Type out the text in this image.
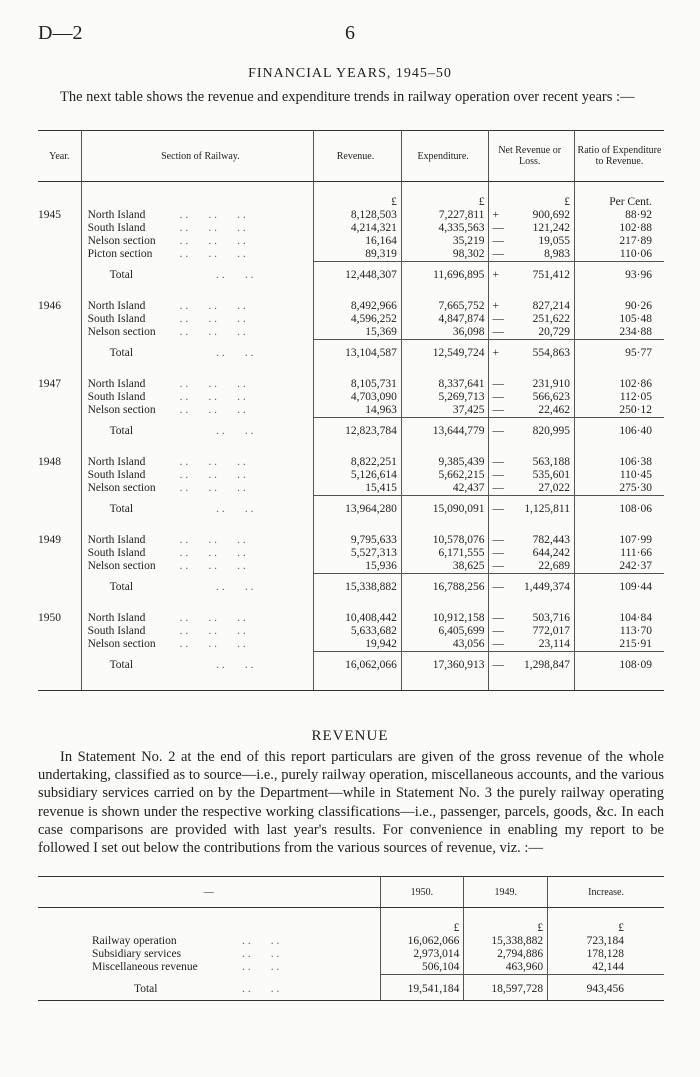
D—2	6
FINANCIAL YEARS, 1945–50
The next table shows the revenue and expenditure trends in railway operation over recent years :—
Year.	Section of Railway.	Revenue.	Expenditure.	Net Revenue or Loss.	Ratio of Expenditure to Revenue.
		£	£	£	Per Cent.
1945	North Island . . . . . .	8,128,503	7,227,811	+ 900,692	88·92
	South Island . . . . . .	4,214,321	4,335,563	— 121,242	102·88
	Nelson section . . . . . .	16,164	35,219	— 19,055	217·89
	Picton section . . . . . .	89,319	98,302	— 8,983	110·06
	Total . . . .	12,448,307	11,696,895	+ 751,412	93·96
1946	North Island . . . . . .	8,492,966	7,665,752	+ 827,214	90·26
	South Island . . . . . .	4,596,252	4,847,874	— 251,622	105·48
	Nelson section . . . . . .	15,369	36,098	— 20,729	234·88
	Total . . . .	13,104,587	12,549,724	+ 554,863	95·77
1947	North Island . . . . . .	8,105,731	8,337,641	— 231,910	102·86
	South Island . . . . . .	4,703,090	5,269,713	— 566,623	112·05
	Nelson section . . . . . .	14,963	37,425	— 22,462	250·12
	Total . . . .	12,823,784	13,644,779	— 820,995	106·40
1948	North Island . . . . . .	8,822,251	9,385,439	— 563,188	106·38
	South Island . . . . . .	5,126,614	5,662,215	— 535,601	110·45
	Nelson section . . . . . .	15,415	42,437	— 27,022	275·30
	Total . . . .	13,964,280	15,090,091	— 1,125,811	108·06
1949	North Island . . . . . .	9,795,633	10,578,076	— 782,443	107·99
	South Island . . . . . .	5,527,313	6,171,555	— 644,242	111·66
	Nelson section . . . . . .	15,936	38,625	— 22,689	242·37
	Total . . . .	15,338,882	16,788,256	— 1,449,374	109·44
1950	North Island . . . . . .	10,408,442	10,912,158	— 503,716	104·84
	South Island . . . . . .	5,633,682	6,405,699	— 772,017	113·70
	Nelson section . . . . . .	19,942	43,056	— 23,114	215·91
	Total . . . .	16,062,066	17,360,913	— 1,298,847	108·09
REVENUE
In Statement No. 2 at the end of this report particulars are given of the gross revenue of the whole undertaking, classified as to source—i.e., purely railway operation, miscellaneous accounts, and the various subsidiary services carried on by the Department—while in Statement No. 3 the purely railway operating revenue is shown under the respective working classifications—i.e., passenger, parcels, goods, &c. In each case comparisons are provided with last year's results. For convenience in enabling my report to be followed I set out below the contributions from the various sources of revenue, viz. :—
—	1950.	1949.	Increase.
	£	£	£
Railway operation . . . .	16,062,066	15,338,882	723,184
Subsidiary services . . . .	2,973,014	2,794,886	178,128
Miscellaneous revenue . . . .	506,104	463,960	42,144
Total . . . .	19,541,184	18,597,728	943,456
